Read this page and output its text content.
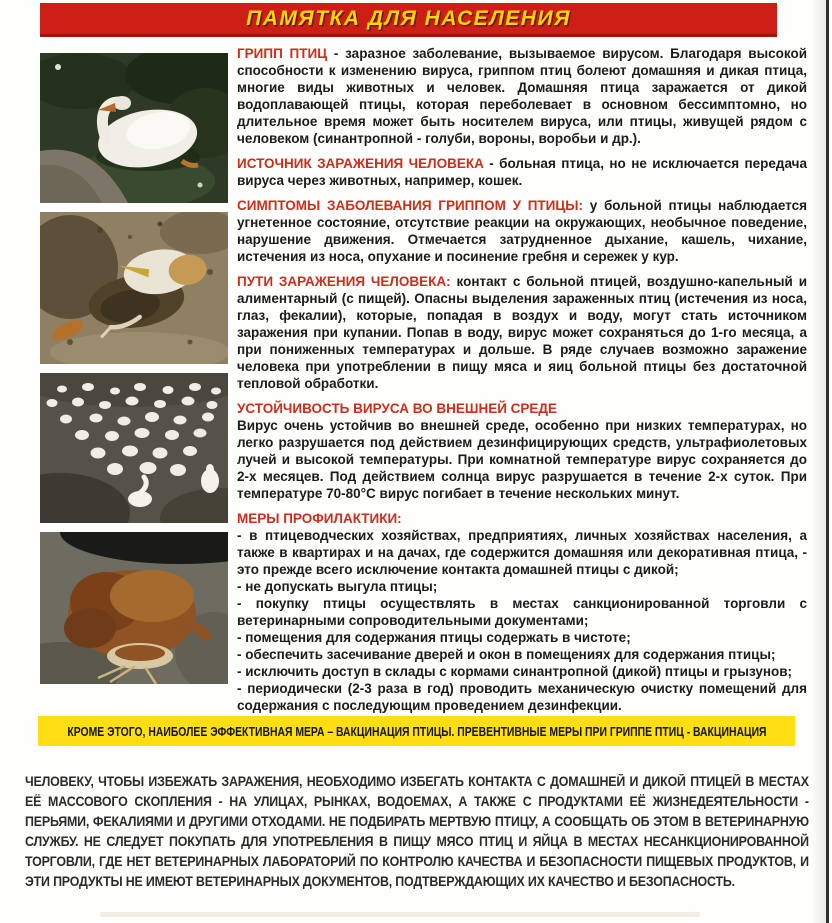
ПАМЯТКА ДЛЯ НАСЕЛЕНИЯ

ГРИПП ПТИЦ - заразное заболевание, вызываемое вирусом. Благодаря высокой способности к изменению вируса, гриппом птиц болеют домашняя и дикая птица, многие виды животных и человек. Домашняя птица заражается от дикой водоплавающей птицы, которая переболевает в основном бессимптомно, но длительное время может быть носителем вируса, или птицы, живущей рядом с человеком (синантропной - голуби, вороны, воробьи и др.).

ИСТОЧНИК ЗАРАЖЕНИЯ ЧЕЛОВЕКА - больная птица, но не исключается передача вируса через животных, например, кошек.

СИМПТОМЫ ЗАБОЛЕВАНИЯ ГРИППОМ У ПТИЦЫ: у больной птицы наблюдается угнетенное состояние, отсутствие реакции на окружающих, необычное поведение, нарушение движения. Отмечается затрудненное дыхание, кашель, чихание, истечения из носа, опухание и посинение гребня и сережек у кур.

ПУТИ ЗАРАЖЕНИЯ ЧЕЛОВЕКА: контакт с больной птицей, воздушно-капельный и алиментарный (с пищей). Опасны выделения зараженных птиц (истечения из носа, глаз, фекалии), которые, попадая в воздух и воду, могут стать источником заражения при купании. Попав в воду, вирус может сохраняться до 1-го месяца, а при пониженных температурах и дольше. В ряде случаев возможно заражение человека при употреблении в пищу мяса и яиц больной птицы без достаточной тепловой обработки.

УСТОЙЧИВОСТЬ ВИРУСА ВО ВНЕШНЕЙ СРЕДЕ
Вирус очень устойчив во внешней среде, особенно при низких температурах, но легко разрушается под действием дезинфицирующих средств, ультрафиолетовых лучей и высокой температуры. При комнатной температуре вирус сохраняется до 2-х месяцев. Под действием солнца вирус разрушается в течение 2-х суток. При температуре 70-80°С вирус погибает в течение нескольких минут.
МЕРЫ ПРОФИЛАКТИКИ:
- в птицеводческих хозяйствах, предприятиях, личных хозяйствах населения, а также в квартирах и на дачах, где содержится домашняя или декоративная птица, - это прежде всего исключение контакта домашней птицы с дикой;
- не допускать выгула птицы;
- покупку птицы осуществлять в местах санкционированной торговли с ветеринарными сопроводительными документами;
- помещения для содержания птицы содержать в чистоте;
- обеспечить засечивание дверей и окон в помещениях для содержания птицы;
- исключить доступ в склады с кормами синантропной (дикой) птицы и грызунов;
- периодически (2-3 раза в год) проводить механическую очистку помещений для содержания с последующим проведением дезинфекции.
КРОМЕ ЭТОГО, НАИБОЛЕЕ ЭФФЕКТИВНАЯ МЕРА – ВАКЦИНАЦИЯ ПТИЦЫ. ПРЕВЕНТИВНЫЕ МЕРЫ ПРИ ГРИППЕ ПТИЦ - ВАКЦИНАЦИЯ
ЧЕЛОВЕКУ, ЧТОБЫ ИЗБЕЖАТЬ ЗАРАЖЕНИЯ, НЕОБХОДИМО ИЗБЕГАТЬ КОНТАКТА С ДОМАШНЕЙ И ДИКОЙ ПТИЦЕЙ В МЕСТАХ ЕЁ МАССОВОГО СКОПЛЕНИЯ - НА УЛИЦАХ, РЫНКАХ, ВОДОЕМАХ, А ТАКЖЕ С ПРОДУКТАМИ ЕЁ ЖИЗНЕДЕЯТЕЛЬНОСТИ - ПЕРЬЯМИ, ФЕКАЛИЯМИ И ДРУГИМИ ОТХОДАМИ. НЕ ПОДБИРАТЬ МЕРТВУЮ ПТИЦУ, А СООБЩАТЬ ОБ ЭТОМ В ВЕТЕРИНАРНУЮ СЛУЖБУ. НЕ СЛЕДУЕТ ПОКУПАТЬ ДЛЯ УПОТРЕБЛЕНИЯ В ПИЩУ МЯСО ПТИЦ И ЯЙЦА В МЕСТАХ НЕСАНКЦИОНИРОВАННОЙ ТОРГОВЛИ, ГДЕ НЕТ ВЕТЕРИНАРНЫХ ЛАБОРАТОРИЙ ПО КОНТРОЛЮ КАЧЕСТВА И БЕЗОПАСНОСТИ ПИЩЕВЫХ ПРОДУКТОВ, И ЭТИ ПРОДУКТЫ НЕ ИМЕЮТ ВЕТЕРИНАРНЫХ ДОКУМЕНТОВ, ПОДТВЕРЖДАЮЩИХ ИХ КАЧЕСТВО И БЕЗОПАСНОСТЬ.
